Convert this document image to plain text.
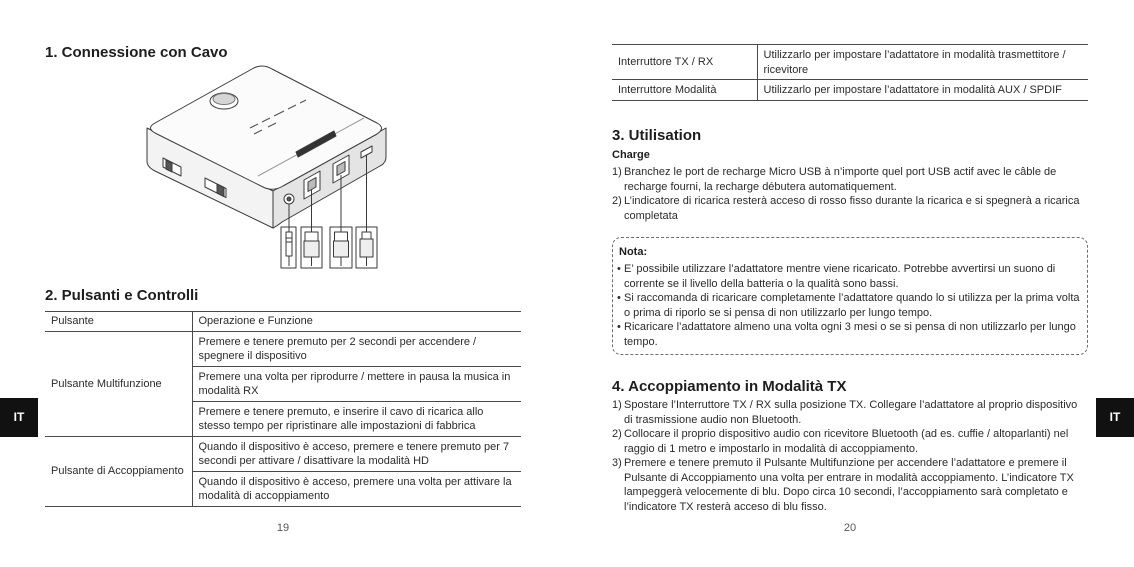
1. Connessione con Cavo
2. Pulsanti e Controlli
Pulsante	Operazione e Funzione
Pulsante Multifunzione	Premere e tenere premuto per 2 secondi per accendere / spegnere il dispositivo
	Premere una volta per riprodurre / mettere in pausa la musica in modalità RX
	Premere e tenere premuto, e inserire il cavo di ricarica allo stesso tempo per ripristinare alle impostazioni di fabbrica
Pulsante di Accoppiamento	Quando il dispositivo è acceso, premere e tenere premuto per 7 secondi per attivare / disattivare la modalità HD
	Quando il dispositivo è acceso, premere una volta per attivare la modalità di accoppiamento
IT
19
Interruttore TX / RX	Utilizzarlo per impostare l’adattatore in modalità trasmettitore / ricevitore
Interruttore Modalità	Utilizzarlo per impostare l’adattatore in modalità AUX / SPDIF
3. Utilisation
Charge
1) Branchez le port de recharge Micro USB à n’importe quel port USB actif avec le câble de recharge fourni, la recharge débutera automatiquement.
2) L’indicatore di ricarica resterà acceso di rosso fisso durante la ricarica e si spegnerà a ricarica completata
Nota:
• E’ possibile utilizzare l’adattatore mentre viene ricaricato. Potrebbe avvertirsi un suono di corrente se il livello della batteria o la qualità sono bassi.
• Si raccomanda di ricaricare completamente l’adattatore quando lo si utilizza per la prima volta o prima di riporlo se si pensa di non utilizzarlo per lungo tempo.
• Ricaricare l’adattatore almeno una volta ogni 3 mesi o se si pensa di non utilizzarlo per lungo tempo.
4. Accoppiamento in Modalità TX
1) Spostare l’Interruttore TX / RX sulla posizione TX. Collegare l’adattatore al proprio dispositivo di trasmissione audio non Bluetooth.
2) Collocare il proprio dispositivo audio con ricevitore Bluetooth (ad es. cuffie / altoparlanti) nel raggio di 1 metro e impostarlo in modalità di accoppiamento.
3) Premere e tenere premuto il Pulsante Multifunzione per accendere l’adattatore e premere il Pulsante di Accoppiamento una volta per entrare in modalità accoppiamento. L’indicatore TX lampeggerà velocemente di blu. Dopo circa 10 secondi, l’accoppiamento sarà completato e l’indicatore TX resterà acceso di blu fisso.
IT
20
